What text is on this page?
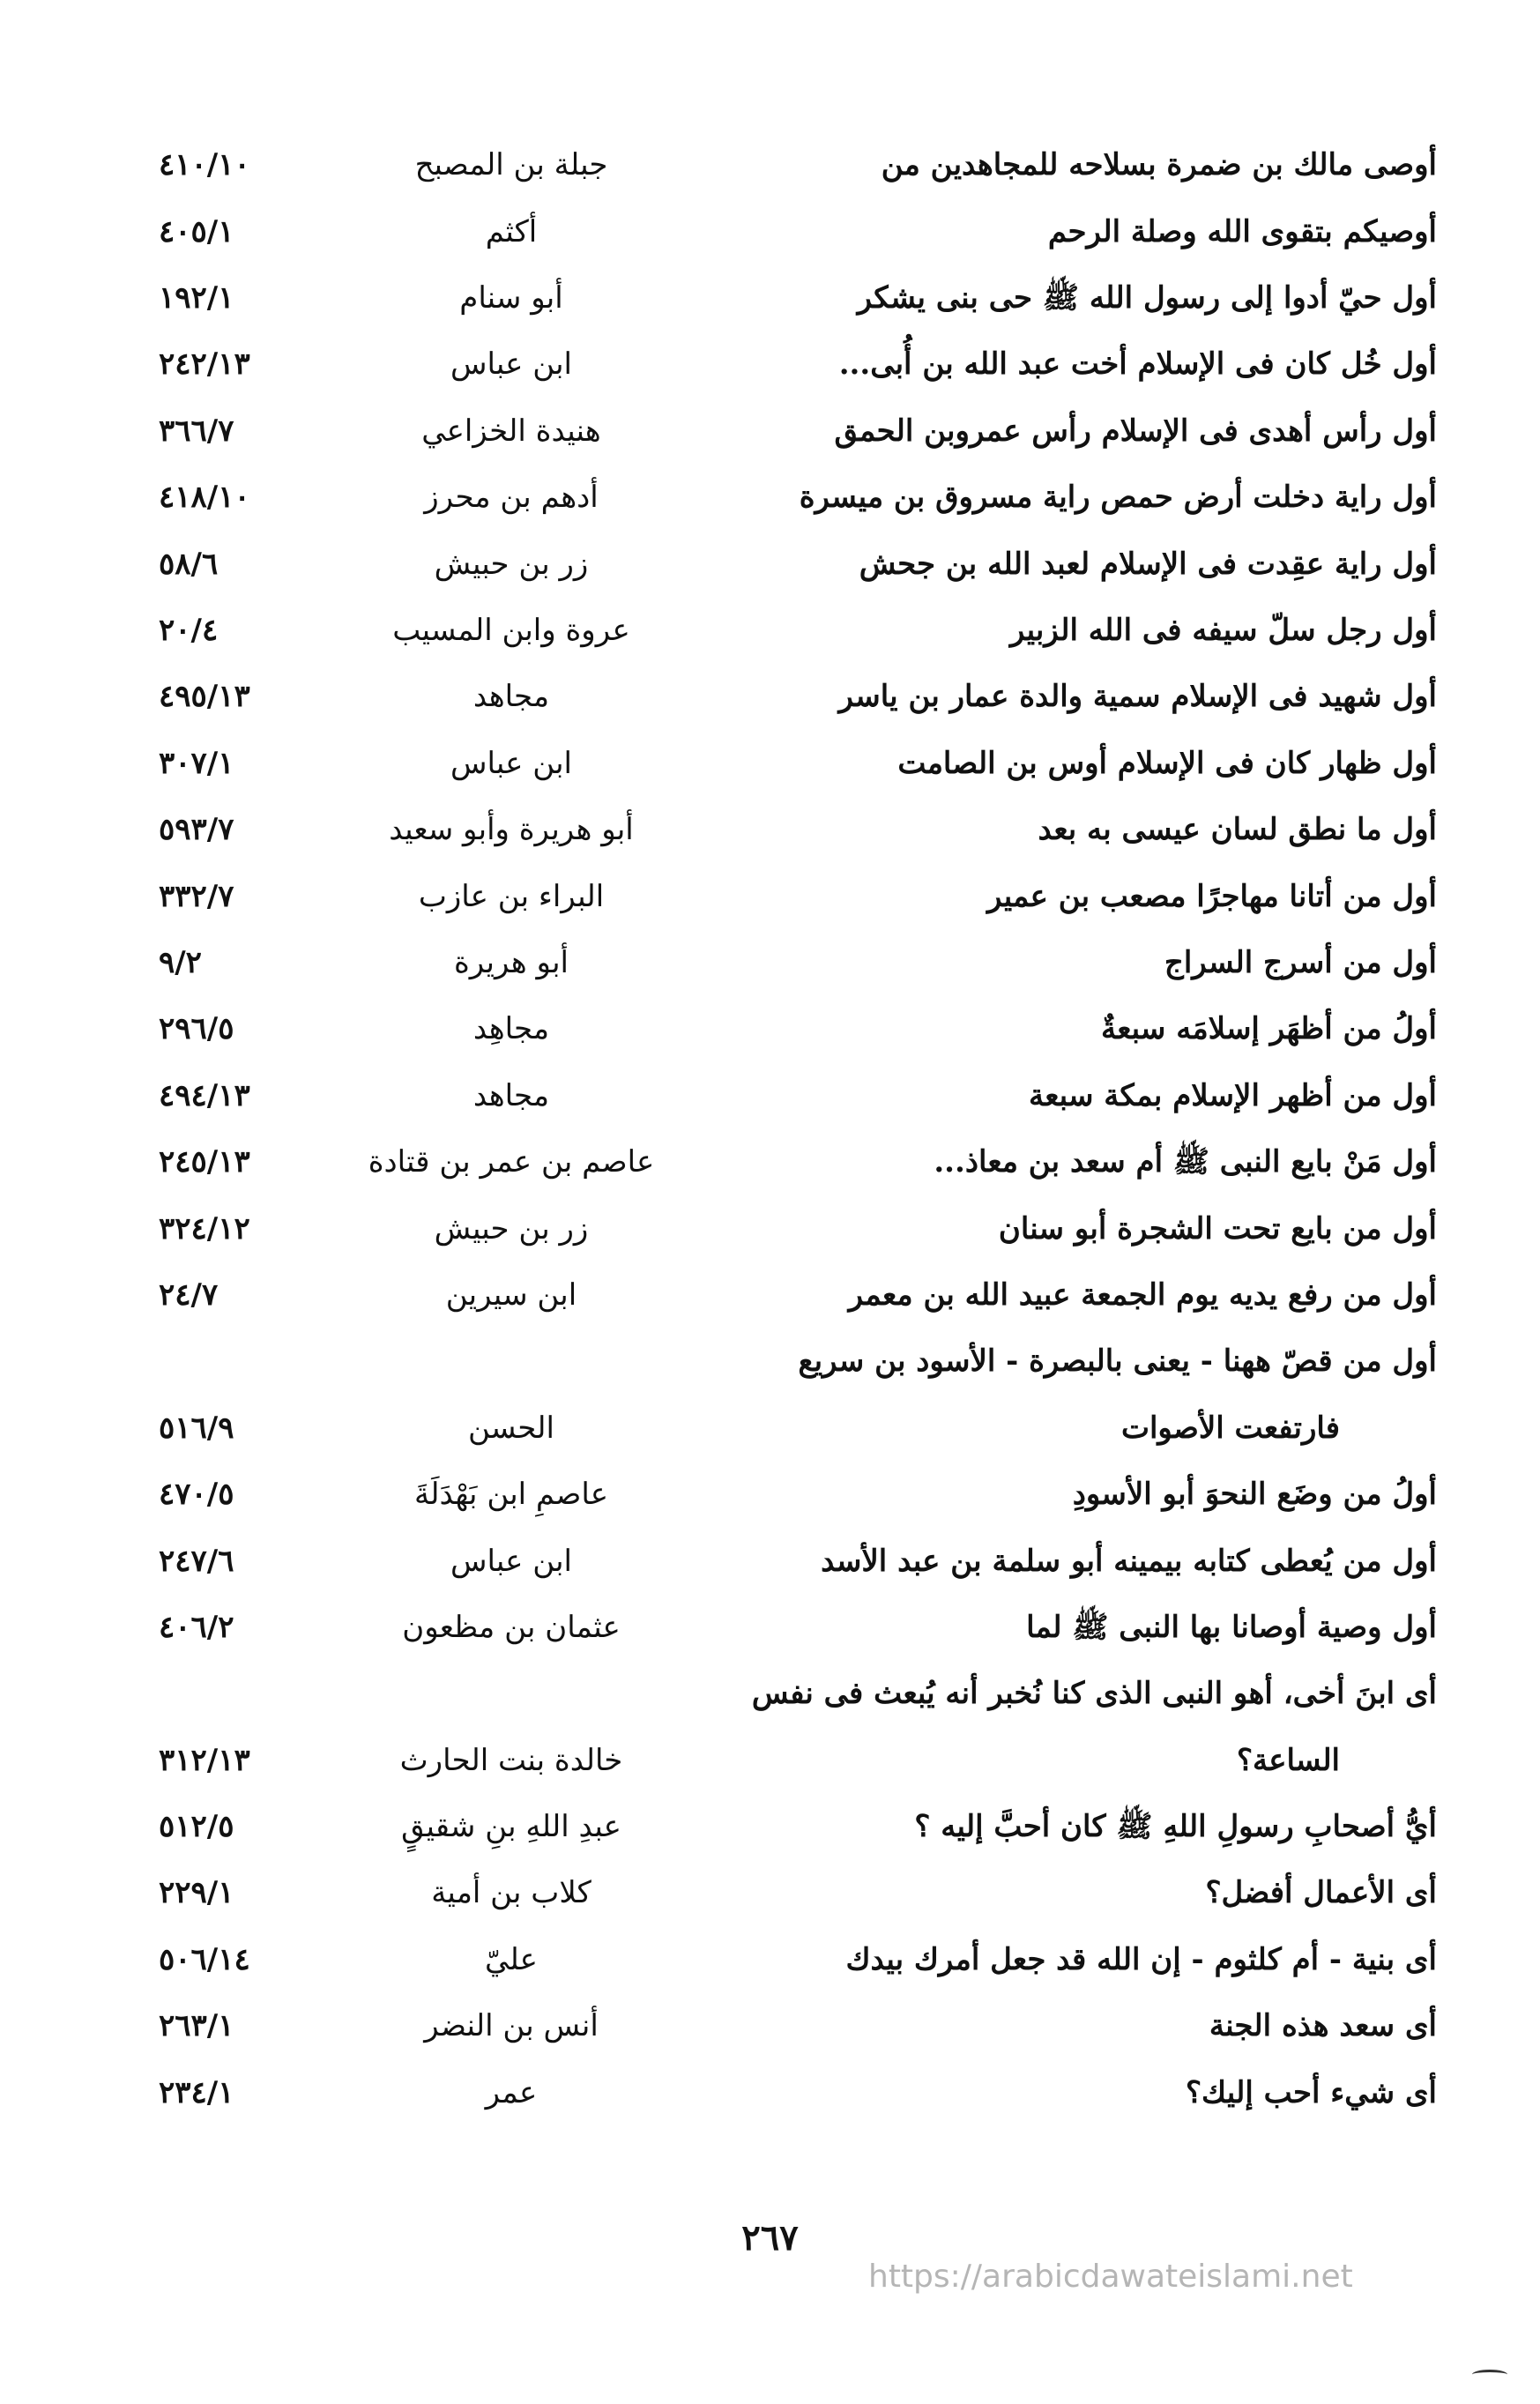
أوصى مالك بن ضمرة بسلاحه للمجاهدين من
جبلة بن المصبح
٤١٠/١٠
أوصيكم بتقوى الله وصلة الرحم
أكثم
٤٠٥/١
أول حيّ أدوا إلى رسول الله ﷺ حى بنى يشكر
أبو سنام
١٩٢/١
أول خُل كان فى الإسلام أخت عبد الله بن أُبى...
ابن عباس
٢٤٢/١٣
أول رأس أهدى فى الإسلام رأس عمروبن الحمق
هنيدة الخزاعي
٣٦٦/٧
أول راية دخلت أرض حمص راية مسروق بن ميسرة
أدهم بن محرز
٤١٨/١٠
أول راية عقِدت فى الإسلام لعبد الله بن جحش
زر بن حبيش
٥٨/٦
أول رجل سلّ سيفه فى الله الزبير
عروة وابن المسيب
٢٠/٤
أول شهيد فى الإسلام سمية والدة عمار بن ياسر
مجاهد
٤٩٥/١٣
أول ظهار كان فى الإسلام أوس بن الصامت
ابن عباس
٣٠٧/١
أول ما نطق لسان عيسى به بعد
أبو هريرة وأبو سعيد
٥٩٣/٧
أول من أتانا مهاجرًا مصعب بن عمير
البراء بن عازب
٣٣٢/٧
أول من أسرج السراج
أبو هريرة
٩/٢
أولُ من أظهَر إسلامَه سبعةٌ
مجاهِد
٢٩٦/٥
أول من أظهر الإسلام بمكة سبعة
مجاهد
٤٩٤/١٣
أول مَنْ بايع النبى ﷺ أم سعد بن معاذ...
عاصم بن عمر بن قتادة
٢٤٥/١٣
أول من بايع تحت الشجرة أبو سنان
زر بن حبيش
٣٢٤/١٢
أول من رفع يديه يوم الجمعة عبيد الله بن معمر
ابن سيرين
٢٤/٧
أول من قصّ ههنا - يعنى بالبصرة - الأسود بن سريع
فارتفعت الأصوات
الحسن
٥١٦/٩
أولُ من وضَع النحوَ أبو الأسودِ
عاصمِ ابن بَهْدَلَةَ
٤٧٠/٥
أول من يُعطى كتابه بيمينه أبو سلمة بن عبد الأسد
ابن عباس
٢٤٧/٦
أول وصية أوصانا بها النبى ﷺ لما
عثمان بن مظعون
٤٠٦/٢
أى ابنَ أخى، أهو النبى الذى كنا نُخبر أنه يُبعث فى نفس
الساعة؟
خالدة بنت الحارث
٣١٢/١٣
أيُّ أصحابِ رسولِ اللهِ ﷺ كان أحبَّ إليه ؟
عبدِ اللهِ بنِ شقيقٍ
٥١٢/٥
أى الأعمال أفضل؟
كلاب بن أمية
٢٢٩/١
أى بنية - أم كلثوم - إن الله قد جعل أمرك بيدك
عليّ
٥٠٦/١٤
أى سعد هذه الجنة
أنس بن النضر
٢٦٣/١
أى شيء أحب إليك؟
عمر
٢٣٤/١
٢٦٧
https://arabicdawateislami.net
